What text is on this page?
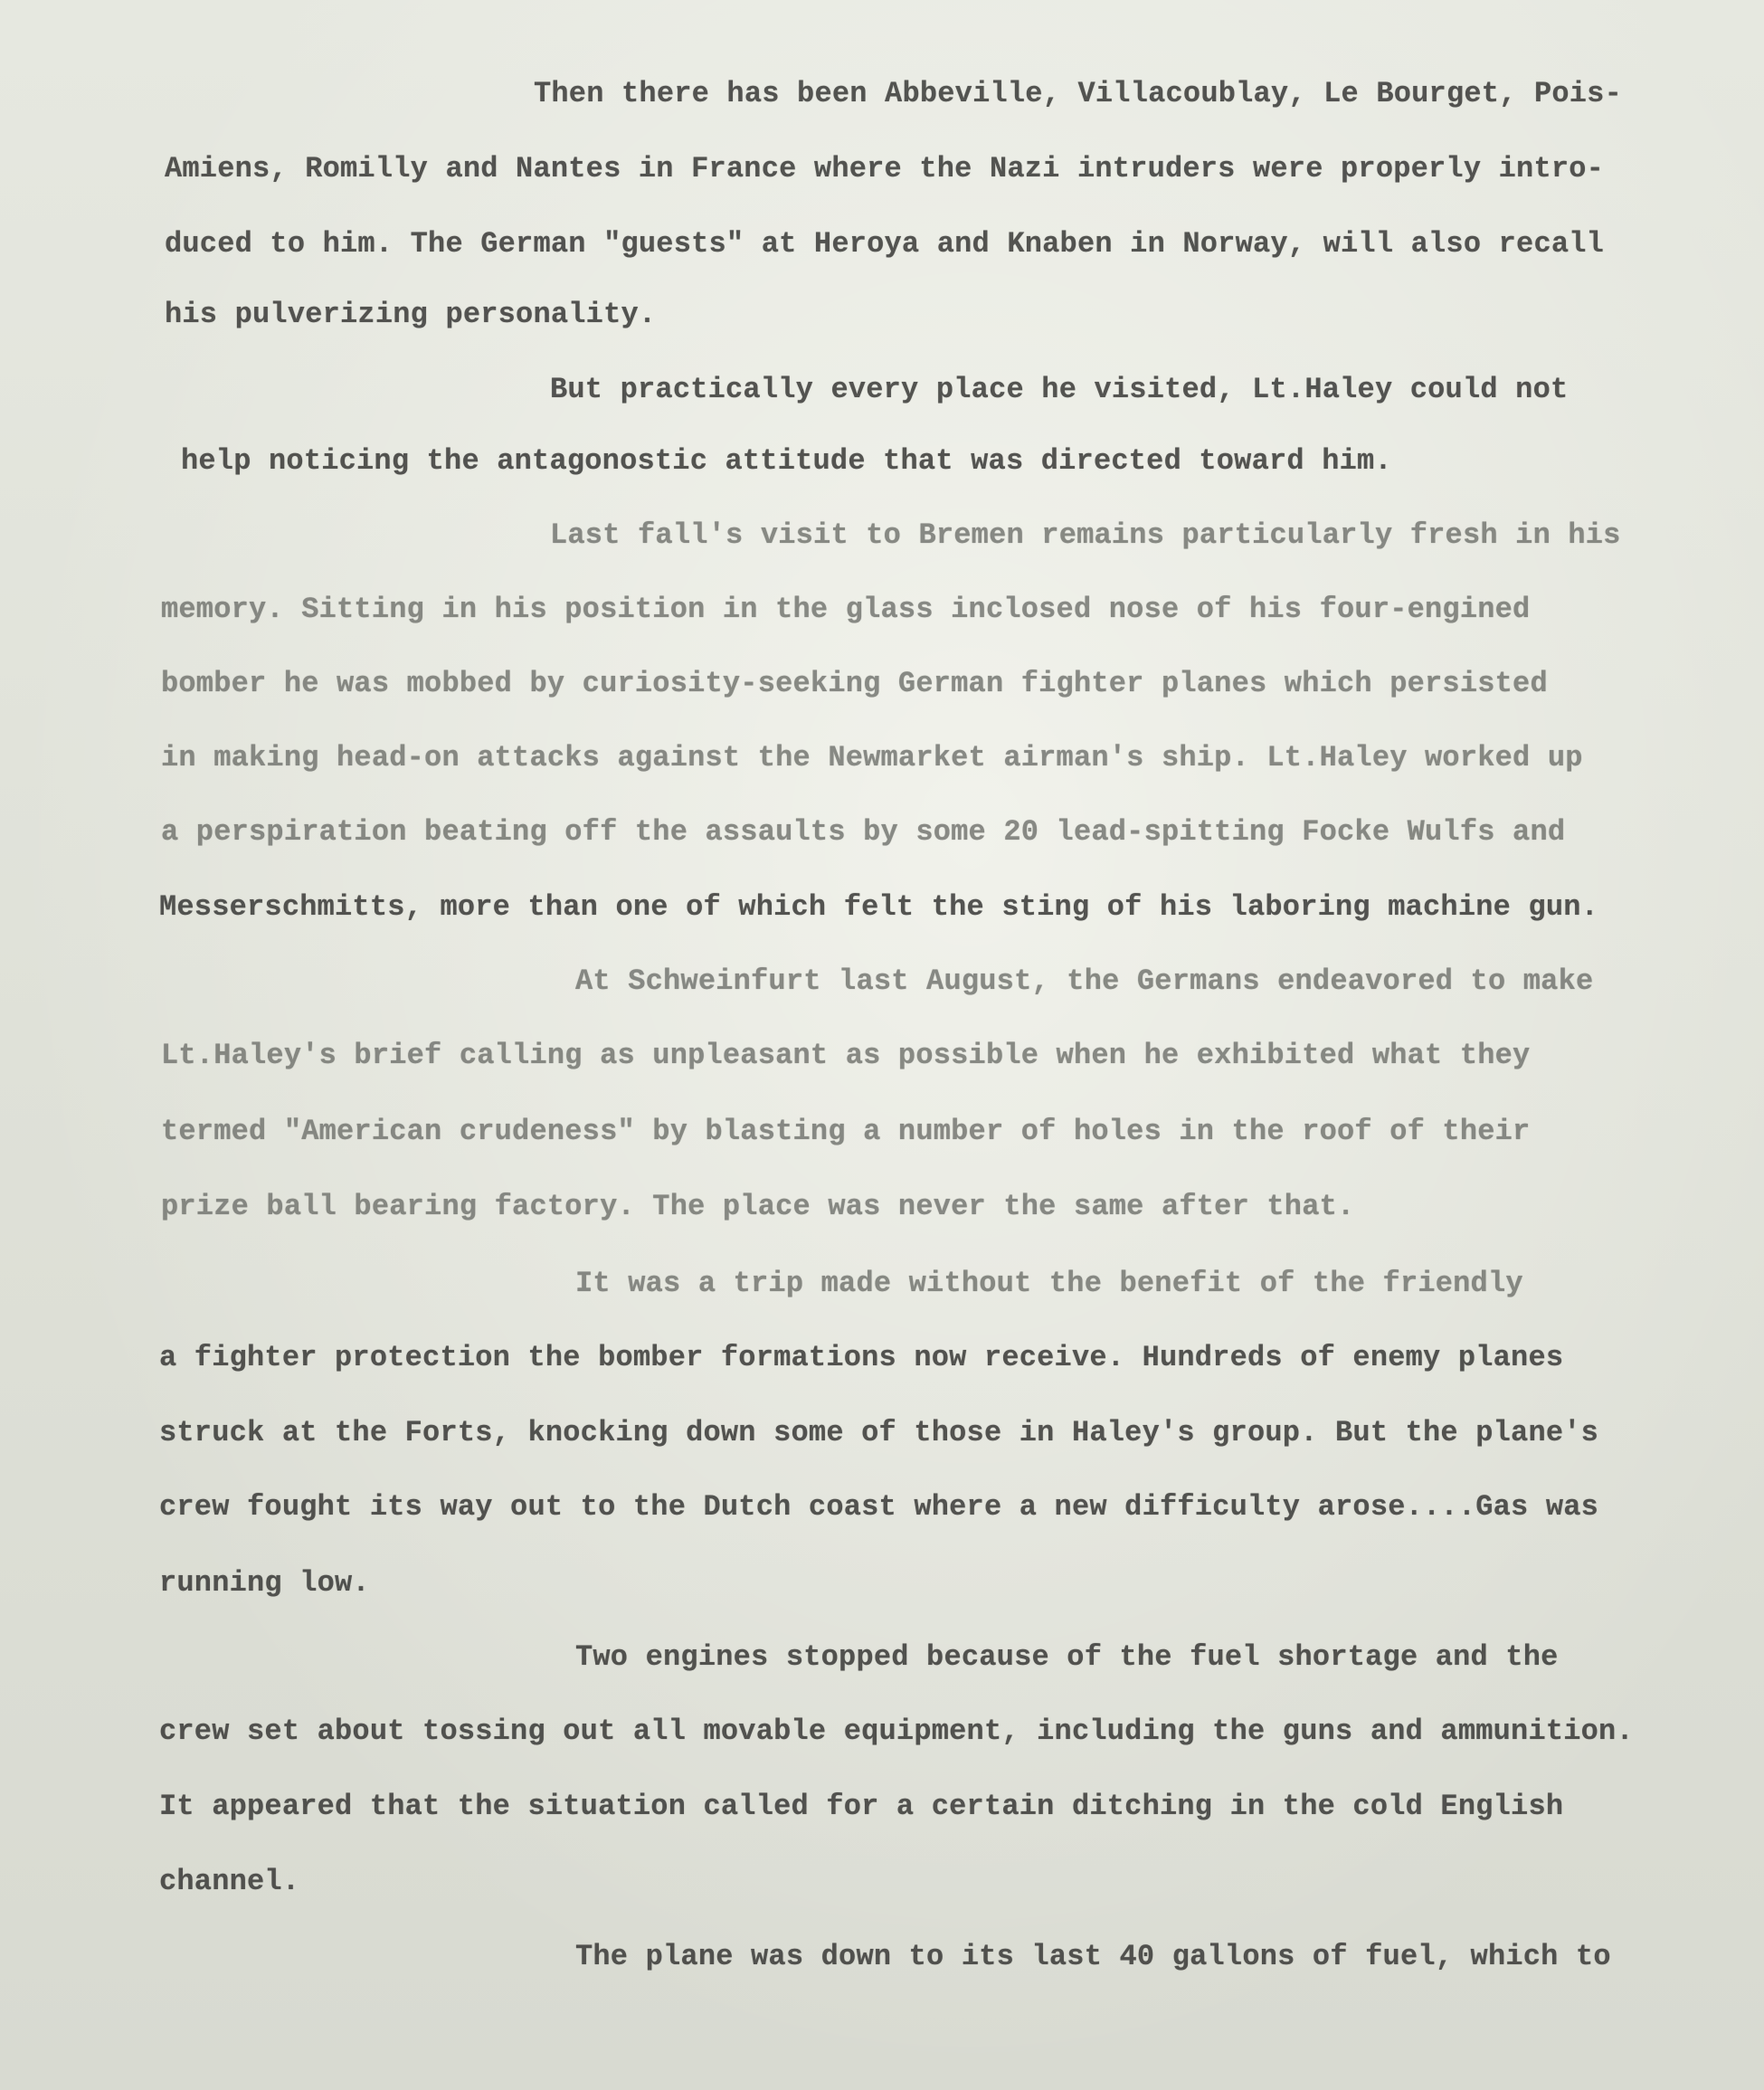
Then there has been Abbeville, Villacoublay, Le Bourget, Pois-

Amiens, Romilly and Nantes in France where the Nazi intruders were properly intro-

duced to him. The German "guests" at Heroya and Knaben in Norway, will also recall

his pulverizing personality.

But practically every place he visited, Lt.Haley could not

help noticing the antagonostic attitude that was directed toward him.

Last fall's visit to Bremen remains particularly fresh in his

memory. Sitting in his position in the glass inclosed nose of his four-engined

bomber he was mobbed by curiosity-seeking German fighter planes which persisted

in making head-on attacks against the Newmarket airman's ship. Lt.Haley worked up

a perspiration beating off the assaults by some 20 lead-spitting Focke Wulfs and

Messerschmitts, more than one of which felt the sting of his laboring machine gun.

At Schweinfurt last August, the Germans endeavored to make

Lt.Haley's brief calling as unpleasant as possible when he exhibited what they

termed "American crudeness" by blasting a number of holes in the roof of their

prize ball bearing factory. The place was never the same after that.

It was a trip made without the benefit of the friendly

a fighter protection the bomber formations now receive. Hundreds of enemy planes

struck at the Forts, knocking down some of those in Haley's group. But the plane's

crew fought its way out to the Dutch coast where a new difficulty arose....Gas was

running low.

Two engines stopped because of the fuel shortage and the

crew set about tossing out all movable equipment, including the guns and ammunition.

It appeared that the situation called for a certain ditching in the cold English

channel.

The plane was down to its last 40 gallons of fuel, which to
